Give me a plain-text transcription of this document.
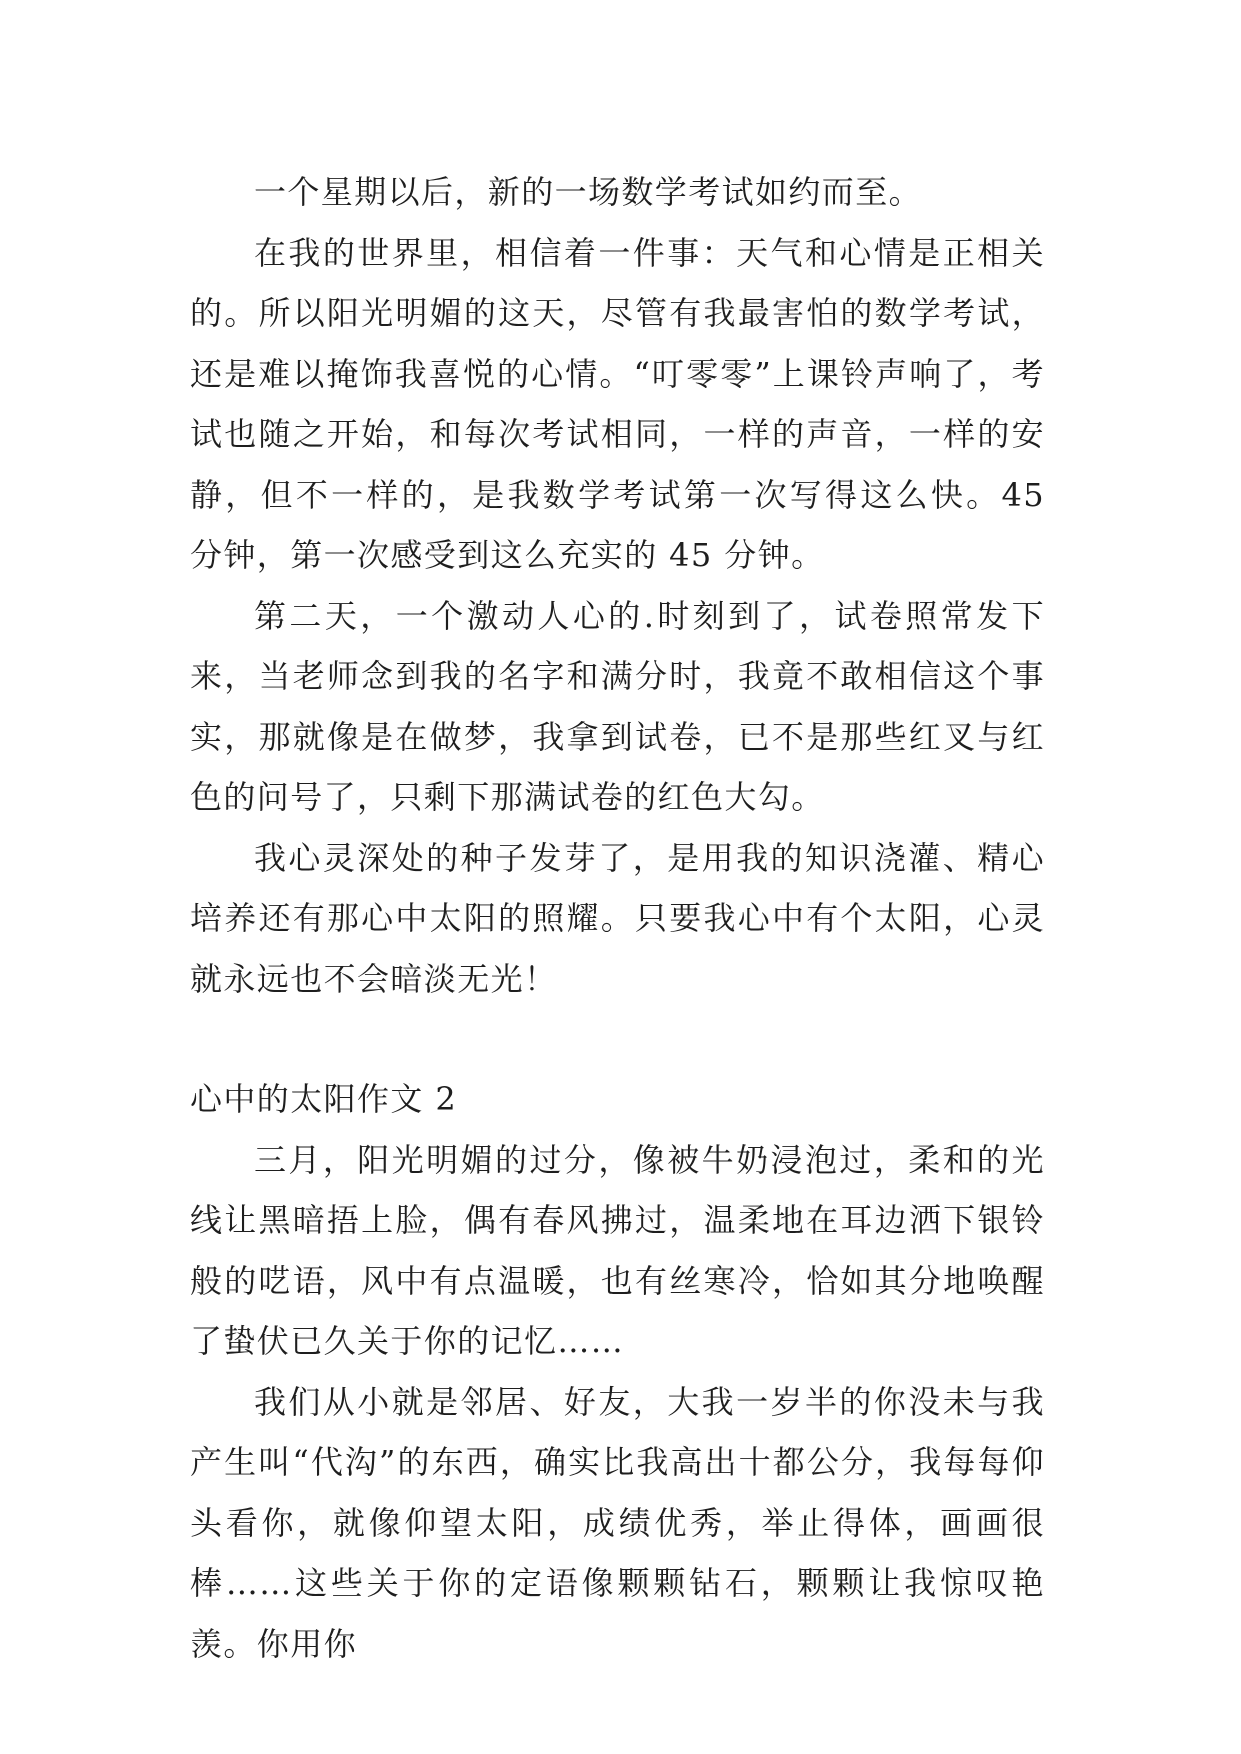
一个星期以后，新的一场数学考试如约而至。

在我的世界里，相信着一件事：天气和心情是正相关的。所以阳光明媚的这天，尽管有我最害怕的数学考试，还是难以掩饰我喜悦的心情。“叮零零”上课铃声响了，考试也随之开始，和每次考试相同，一样的声音，一样的安静，但不一样的，是我数学考试第一次写得这么快。45 分钟，第一次感受到这么充实的 45 分钟。

第二天，一个激动人心的.时刻到了，试卷照常发下来，当老师念到我的名字和满分时，我竟不敢相信这个事实，那就像是在做梦，我拿到试卷，已不是那些红叉与红色的问号了，只剩下那满试卷的红色大勾。

我心灵深处的种子发芽了，是用我的知识浇灌、精心培养还有那心中太阳的照耀。只要我心中有个太阳，心灵就永远也不会暗淡无光！

心中的太阳作文 2

三月，阳光明媚的过分，像被牛奶浸泡过，柔和的光线让黑暗捂上脸，偶有春风拂过，温柔地在耳边洒下银铃般的呓语，风中有点温暖，也有丝寒冷，恰如其分地唤醒了蛰伏已久关于你的记忆……

我们从小就是邻居、好友，大我一岁半的你没未与我产生叫“代沟”的东西，确实比我高出十都公分，我每每仰头看你，就像仰望太阳，成绩优秀，举止得体，画画很棒……这些关于你的定语像颗颗钻石，颗颗让我惊叹艳羡。你用你
